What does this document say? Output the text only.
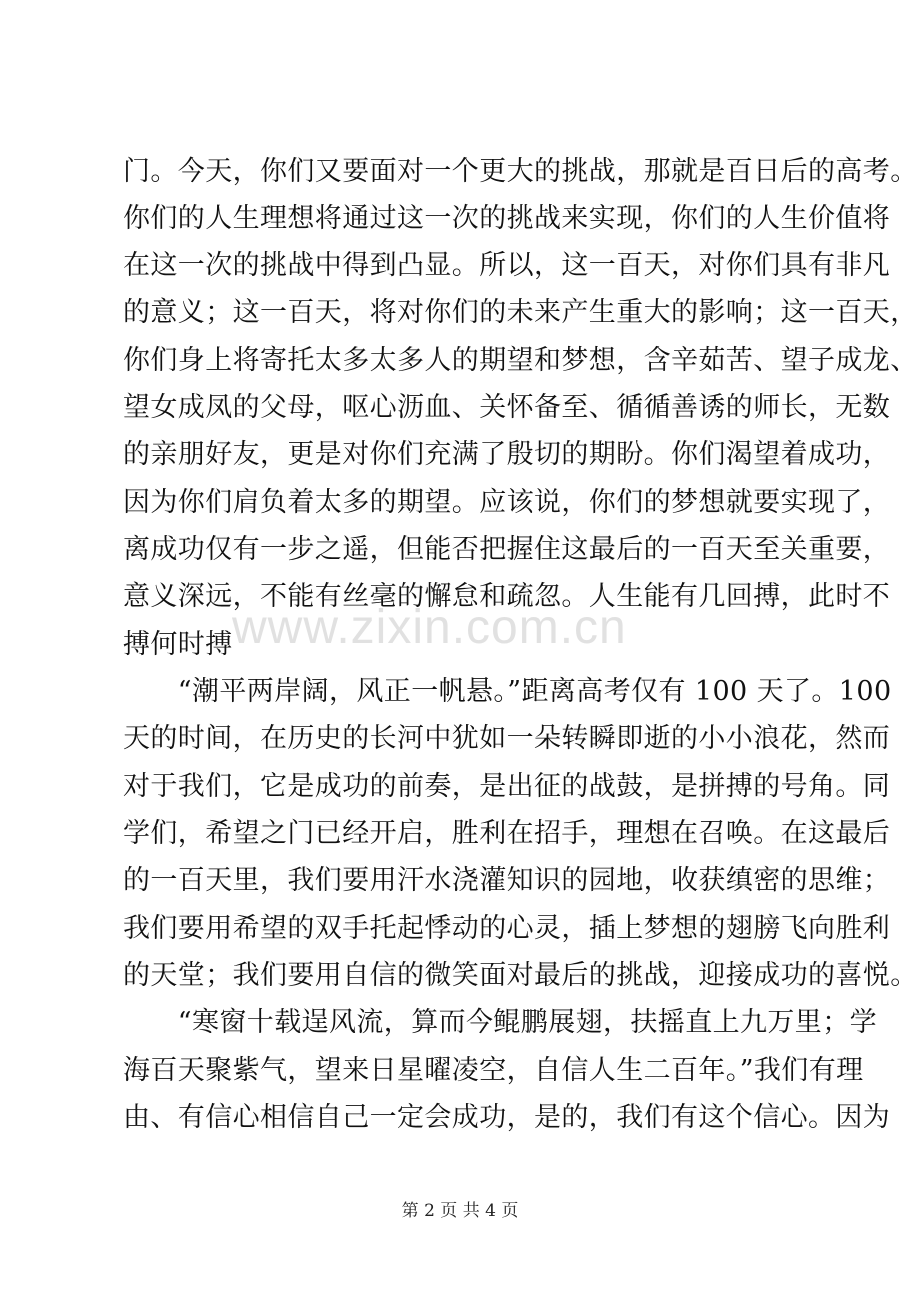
门。今天，你们又要面对一个更大的挑战，那就是百日后的高考。
你们的人生理想将通过这一次的挑战来实现，你们的人生价值将
在这一次的挑战中得到凸显。所以，这一百天，对你们具有非凡
的意义；这一百天，将对你们的未来产生重大的影响；这一百天，
你们身上将寄托太多太多人的期望和梦想，含辛茹苦、望子成龙、
望女成凤的父母，呕心沥血、关怀备至、循循善诱的师长，无数
的亲朋好友，更是对你们充满了殷切的期盼。你们渴望着成功，
因为你们肩负着太多的期望。应该说，你们的梦想就要实现了，
离成功仅有一步之遥，但能否把握住这最后的一百天至关重要，
意义深远，不能有丝毫的懈怠和疏忽。人生能有几回搏，此时不
搏何时搏
　　“潮平两岸阔，风正一帆悬。”距离高考仅有 100 天了。100
天的时间，在历史的长河中犹如一朵转瞬即逝的小小浪花，然而
对于我们，它是成功的前奏，是出征的战鼓，是拼搏的号角。同
学们，希望之门已经开启，胜利在招手，理想在召唤。在这最后
的一百天里，我们要用汗水浇灌知识的园地，收获缜密的思维；
我们要用希望的双手托起悸动的心灵，插上梦想的翅膀飞向胜利
的天堂；我们要用自信的微笑面对最后的挑战，迎接成功的喜悦。
　　“寒窗十载逞风流，算而今鲲鹏展翅，扶摇直上九万里；学
海百天聚紫气，望来日星曜凌空，自信人生二百年。”我们有理
由、有信心相信自己一定会成功，是的，我们有这个信心。因为
www.zixin.com.cn
第 2 页 共 4 页
